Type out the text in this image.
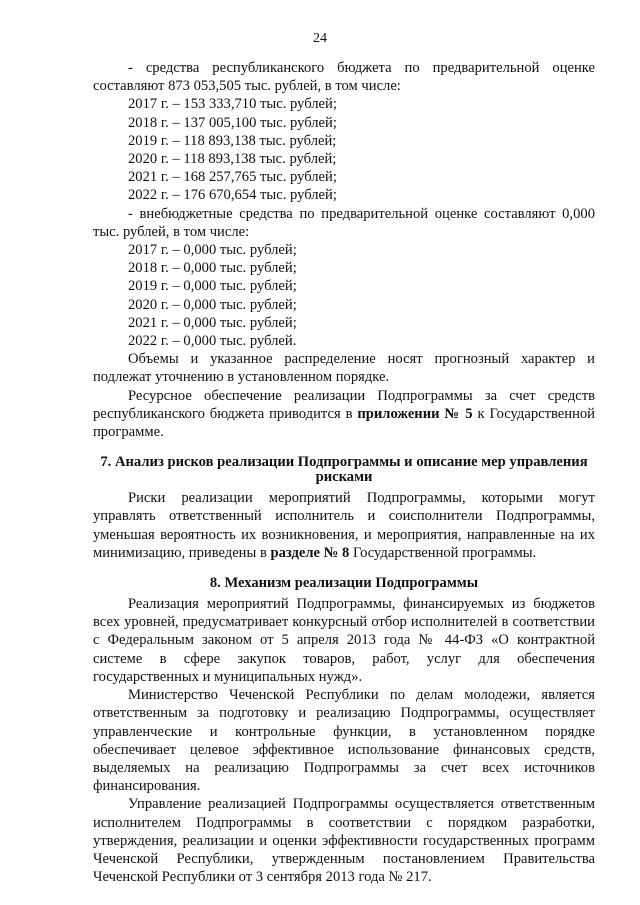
24

- средства республиканского бюджета по предварительной оценке составляют 873 053,505 тыс. рублей, в том числе:

2017 г. – 153 333,710 тыс. рублей;

2018 г. – 137 005,100 тыс. рублей;

2019 г. – 118 893,138 тыс. рублей;

2020 г. – 118 893,138 тыс. рублей;

2021 г. – 168 257,765 тыс. рублей;

2022 г. – 176 670,654 тыс. рублей;

- внебюджетные средства по предварительной оценке составляют 0,000 тыс. рублей, в том числе:

2017 г. – 0,000 тыс. рублей;

2018 г. – 0,000 тыс. рублей;

2019 г. – 0,000 тыс. рублей;

2020 г. – 0,000 тыс. рублей;

2021 г. – 0,000 тыс. рублей;

2022 г. – 0,000 тыс. рублей.

Объемы и указанное распределение носят прогнозный характер и подлежат уточнению в установленном порядке.

Ресурсное обеспечение реализации Подпрограммы за счет средств республиканского бюджета приводится в приложении № 5 к Государственной программе.

7. Анализ рисков реализации Подпрограммы и описание мер управления рисками

Риски реализации мероприятий Подпрограммы, которыми могут управлять ответственный исполнитель и соисполнители Подпрограммы, уменьшая вероятность их возникновения, и мероприятия, направленные на их минимизацию, приведены в разделе № 8 Государственной программы.

8. Механизм реализации Подпрограммы

Реализация мероприятий Подпрограммы, финансируемых из бюджетов всех уровней, предусматривает конкурсный отбор исполнителей в соответствии с Федеральным законом от 5 апреля 2013 года № 44-ФЗ «О контрактной системе в сфере закупок товаров, работ, услуг для обеспечения государственных и муниципальных нужд».

Министерство Чеченской Республики по делам молодежи, является ответственным за подготовку и реализацию Подпрограммы, осуществляет управленческие и контрольные функции, в установленном порядке обеспечивает целевое эффективное использование финансовых средств, выделяемых на реализацию Подпрограммы за счет всех источников финансирования.

Управление реализацией Подпрограммы осуществляется ответственным исполнителем Подпрограммы в соответствии с порядком разработки, утверждения, реализации и оценки эффективности государственных программ Чеченской Республики, утвержденным постановлением Правительства Чеченской Республики от 3 сентября 2013 года № 217.
